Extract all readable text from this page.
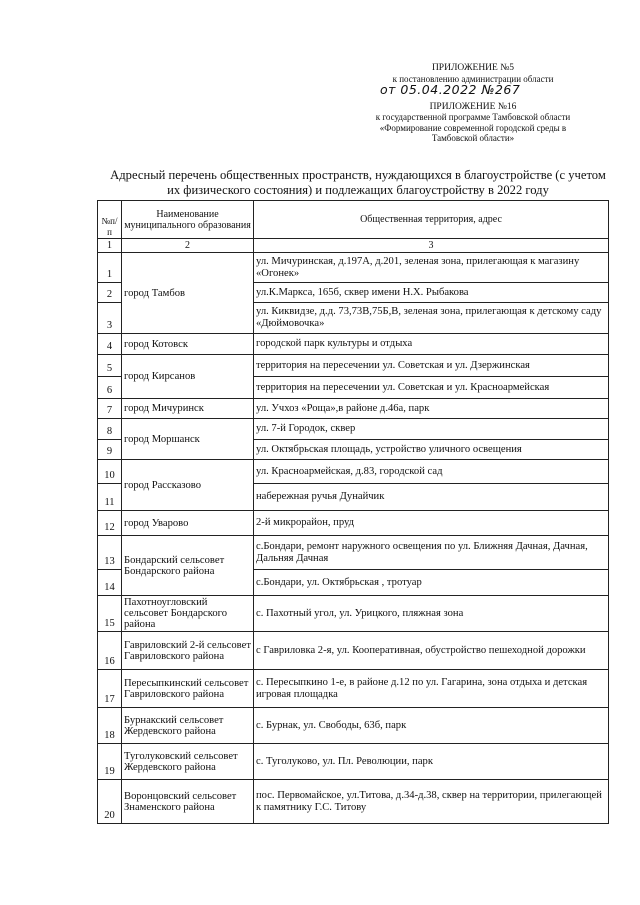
ПРИЛОЖЕНИЕ №5
к постановлению администрации области
от 05.04.2022 №267
ПРИЛОЖЕНИЕ №16
к государственной программе Тамбовской области
«Формирование современной городской среды в
Тамбовской области»
Адресный перечень общественных пространств, нуждающихся в благоустройстве (с учетом их физического состояния) и подлежащих благоустройству в 2022 году
№п/п	Наименование муниципального образования	Общественная территория, адрес
1	2	3
1	город Тамбов	ул. Мичуринская, д.197А, д.201, зеленая зона, прилегающая к магазину «Огонек»
2		ул.К.Маркса, 165б, сквер имени Н.Х. Рыбакова
3		ул. Киквидзе, д.д. 73,73В,75Б,В, зеленая зона, прилегающая к детскому саду «Дюймовочка»
4	город Котовск	городской парк культуры и отдыха
5	город Кирсанов	территория на пересечении ул. Советская и ул. Дзержинская
6		территория на пересечении ул. Советская и ул. Красноармейская
7	город Мичуринск	ул. Учхоз «Роща»,в районе д.46а, парк
8	город Моршанск	ул. 7-й Городок, сквер
9		ул. Октябрьская площадь, устройство уличного освещения
10	город Рассказово	ул. Красноармейская, д.83, городской сад
11		набережная ручья Дунайчик
12	город Уварово	2-й микрорайон, пруд
13	Бондарский сельсовет Бондарского района	с.Бондари, ремонт наружного освещения по ул. Ближняя Дачная, Дачная, Дальняя Дачная
14		с.Бондари, ул. Октябрьская , тротуар
15	Пахотноугловский сельсовет Бондарского района	с. Пахотный угол, ул. Урицкого, пляжная зона
16	Гавриловский 2-й сельсовет Гавриловского района	с Гавриловка 2-я, ул. Кооперативная, обустройство пешеходной дорожки
17	Пересыпкинский сельсовет Гавриловского района	с. Пересыпкино 1-е, в районе д.12 по ул. Гагарина, зона отдыха и детская игровая площадка
18	Бурнакский сельсовет Жердевского района	с. Бурнак, ул. Свободы, 63б, парк
19	Туголуковский сельсовет Жердевского района	с. Туголуково, ул. Пл. Революции, парк
20	Воронцовский сельсовет Знаменского района	пос. Первомайское, ул.Титова, д.34-д.38, сквер на территории, прилегающей к памятнику Г.С. Титову
